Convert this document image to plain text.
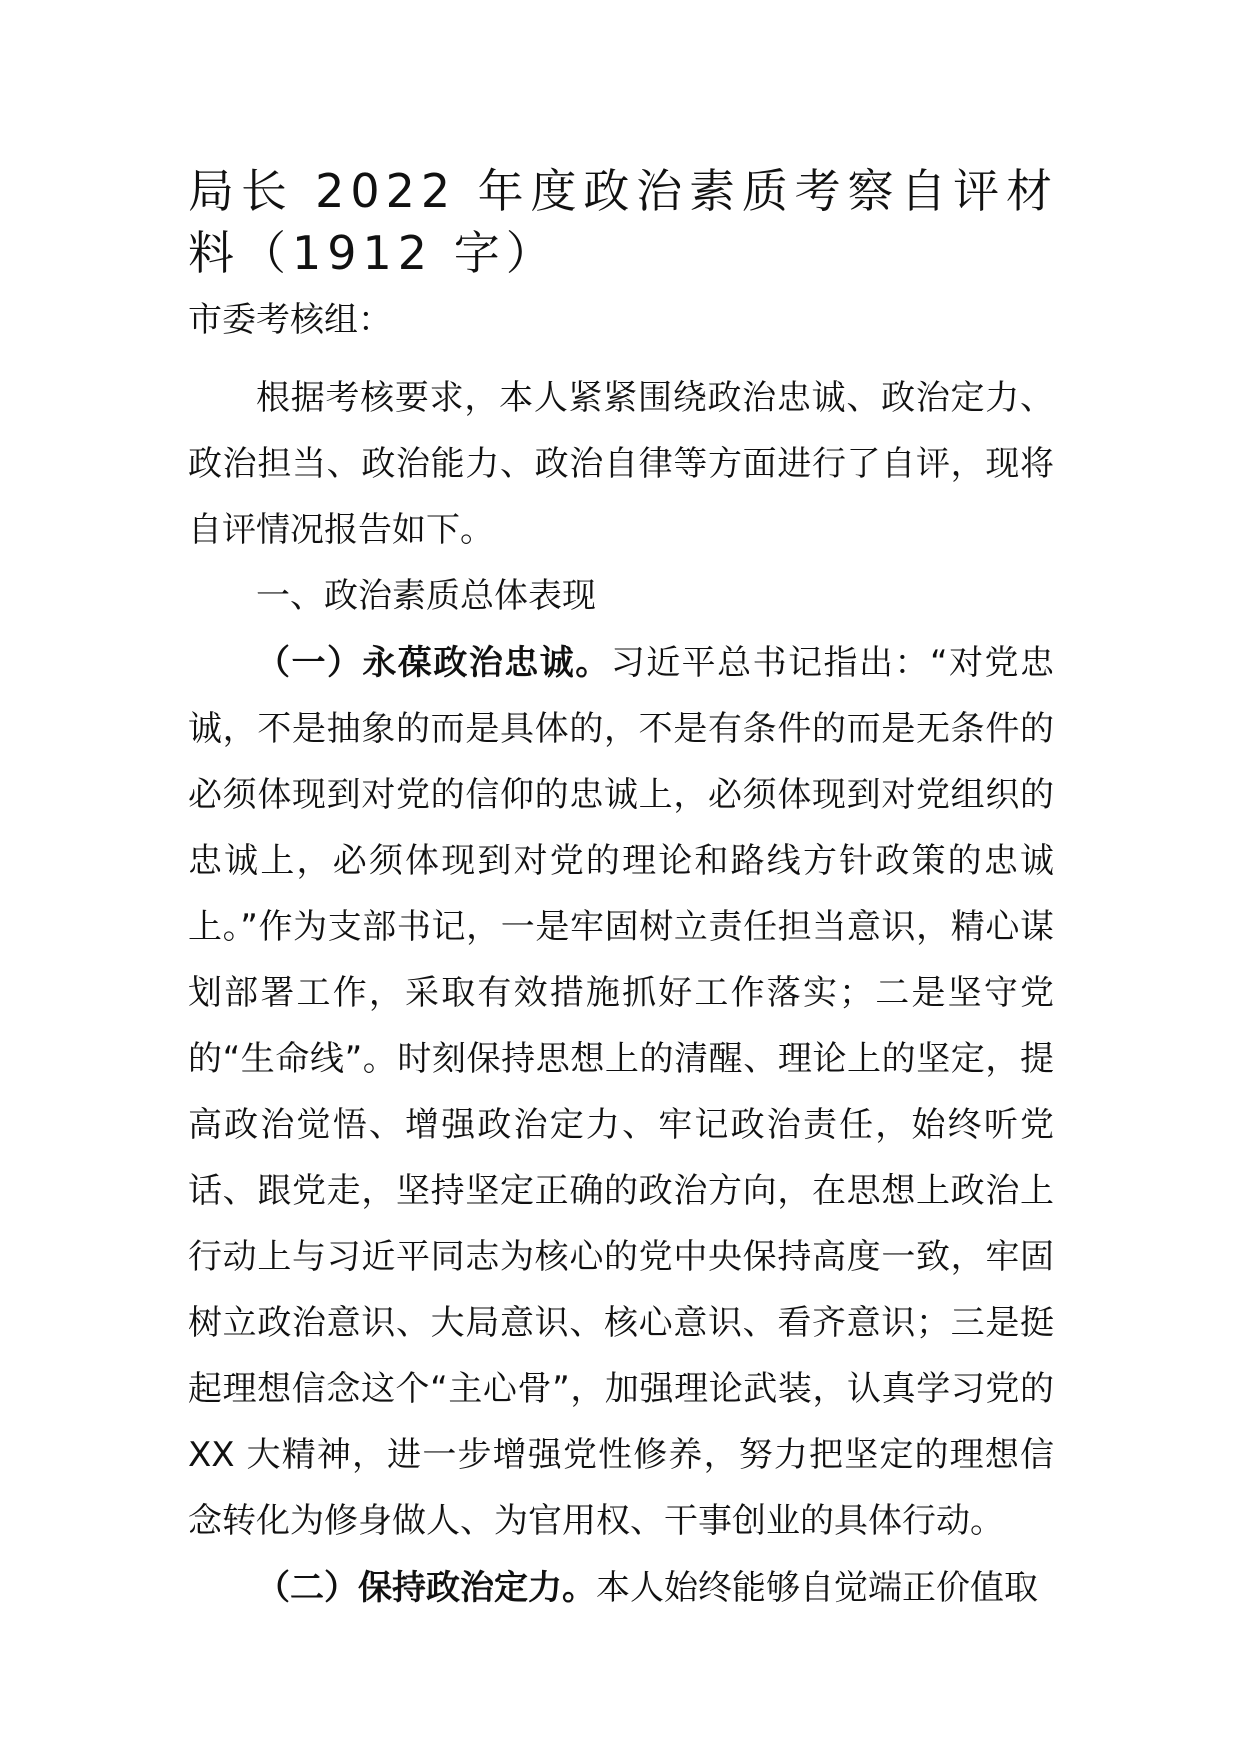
局长 2022 年度政治素质考察自评材料（1912 字）

市委考核组：

根据考核要求，本人紧紧围绕政治忠诚、政治定力、政治担当、政治能力、政治自律等方面进行了自评，现将自评情况报告如下。

一、政治素质总体表现

（一）永葆政治忠诚。习近平总书记指出：“对党忠诚，不是抽象的而是具体的，不是有条件的而是无条件的必须体现到对党的信仰的忠诚上，必须体现到对党组织的忠诚上，必须体现到对党的理论和路线方针政策的忠诚上。”作为支部书记，一是牢固树立责任担当意识，精心谋划部署工作，采取有效措施抓好工作落实；二是坚守党的“生命线”。时刻保持思想上的清醒、理论上的坚定，提高政治觉悟、增强政治定力、牢记政治责任，始终听党话、跟党走，坚持坚定正确的政治方向，在思想上政治上行动上与习近平同志为核心的党中央保持高度一致，牢固树立政治意识、大局意识、核心意识、看齐意识；三是挺起理想信念这个“主心骨”，加强理论武装，认真学习党的 XX 大精神，进一步增强党性修养，努力把坚定的理想信念转化为修身做人、为官用权、干事创业的具体行动。

（二）保持政治定力。本人始终能够自觉端正价值取
